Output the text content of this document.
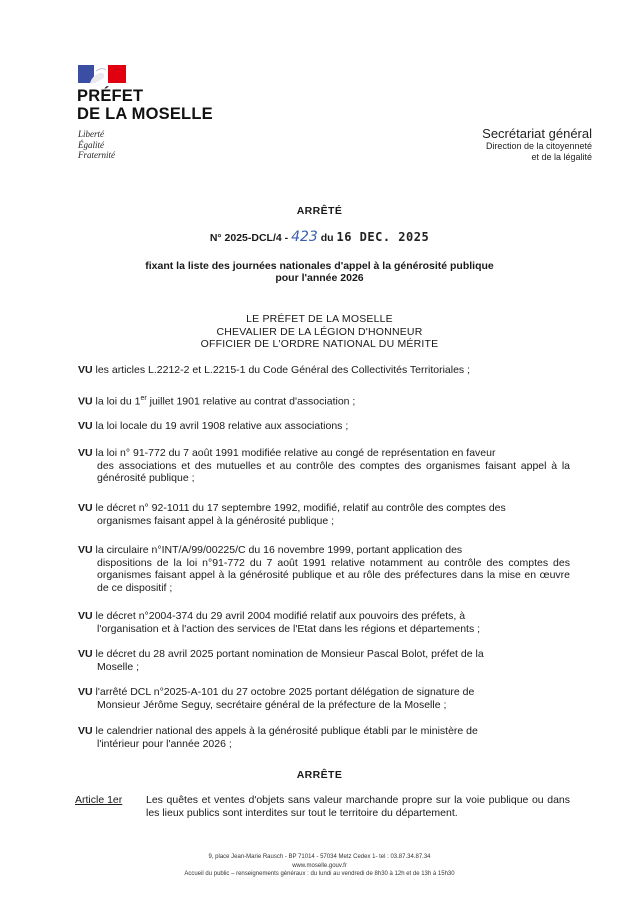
PRÉFET
DE LA MOSELLE
Liberté
Égalité
Fraternité
Secrétariat général
Direction de la citoyenneté
et de la légalité
ARRÊTÉ
N° 2025-DCL/4 - 423 du 16 DEC. 2025
fixant la liste des journées nationales d'appel à la générosité publique
pour l'année 2026
LE PRÉFET DE LA MOSELLE
CHEVALIER DE LA LÉGION D'HONNEUR
OFFICIER DE L'ORDRE NATIONAL DU MÉRITE
VU les articles L.2212-2 et L.2215-1 du Code Général des Collectivités Territoriales ;
VU la loi du 1er juillet 1901 relative au contrat d'association ;
VU la loi locale du 19 avril 1908 relative aux associations ;
VU la loi n° 91-772 du 7 août 1991 modifiée relative au congé de représentation en faveur
des associations et des mutuelles et au contrôle des comptes des organismes faisant appel à la générosité publique ;
VU le décret n° 92-1011 du 17 septembre 1992, modifié, relatif au contrôle des comptes des
organismes faisant appel à la générosité publique ;
VU la circulaire n°INT/A/99/00225/C du 16 novembre 1999, portant application des
dispositions de la loi n°91-772 du 7 août 1991 relative notamment au contrôle des comptes des organismes faisant appel à la générosité publique et au rôle des préfectures dans la mise en œuvre de ce dispositif ;
VU le décret n°2004-374 du 29 avril 2004 modifié relatif aux pouvoirs des préfets, à
l'organisation et à l'action des services de l'Etat dans les régions et départements ;
VU le décret du 28 avril 2025 portant nomination de Monsieur Pascal Bolot, préfet de la
Moselle ;
VU l'arrêté DCL n°2025-A-101 du 27 octobre 2025 portant délégation de signature de
Monsieur Jérôme Seguy, secrétaire général de la préfecture de la Moselle ;
VU le calendrier national des appels à la générosité publique établi par le ministère de
l'intérieur pour l'année 2026 ;
ARRÊTE
Article 1er	Les quêtes et ventes d'objets sans valeur marchande propre sur la voie publique ou dans les lieux publics sont interdites sur tout le territoire du département.
9, place Jean-Marie Rausch - BP 71014 - 57034 Metz Cedex 1- tel : 03.87.34.87.34
www.moselle.gouv.fr
Accueil du public – renseignements généraux : du lundi au vendredi de 8h30 à 12h et de 13h à 15h30
